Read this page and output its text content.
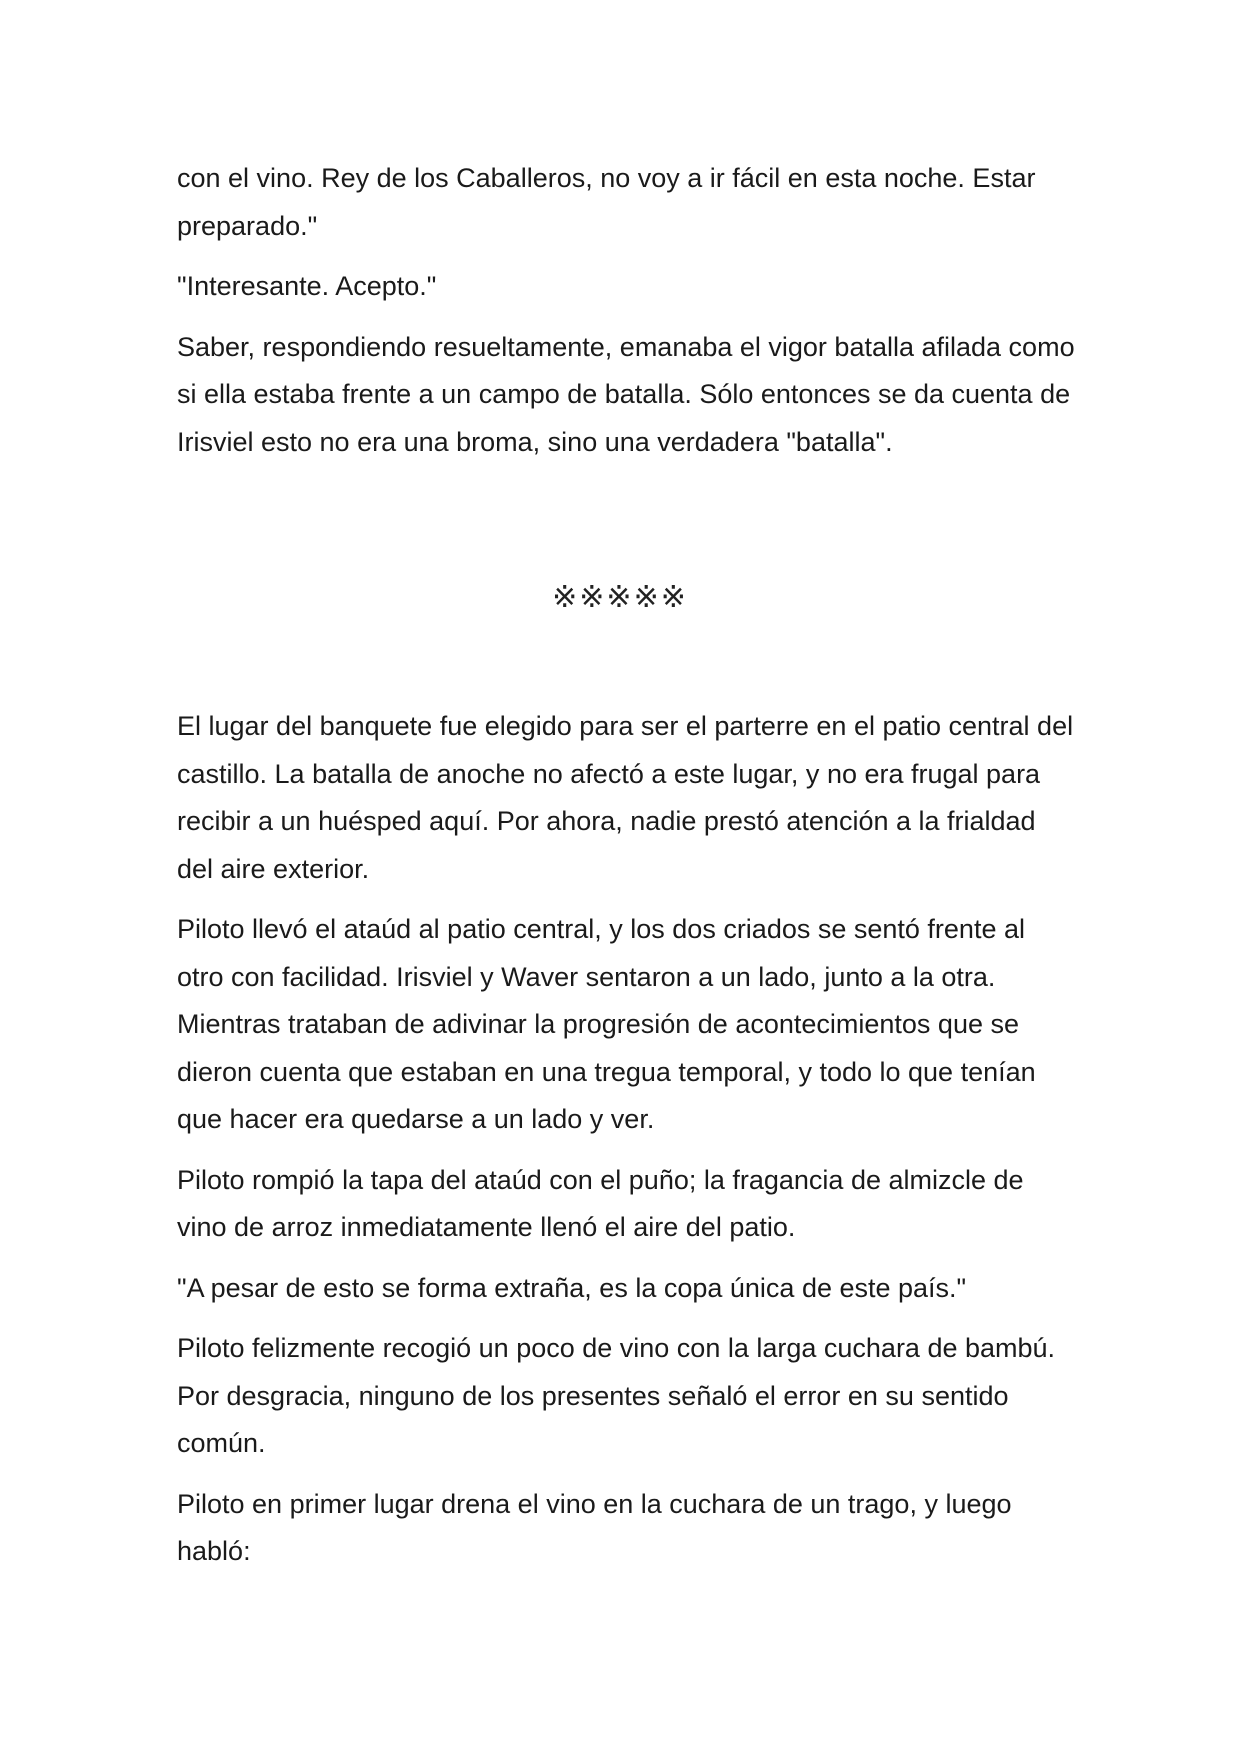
con el vino. Rey de los Caballeros, no voy a ir fácil en esta noche. Estar preparado."

"Interesante. Acepto."

Saber, respondiendo resueltamente, emanaba el vigor batalla afilada como si ella estaba frente a un campo de batalla. Sólo entonces se da cuenta de Irisviel esto no era una broma, sino una verdadera "batalla".

※※※※※

El lugar del banquete fue elegido para ser el parterre en el patio central del castillo. La batalla de anoche no afectó a este lugar, y no era frugal para recibir a un huésped aquí. Por ahora, nadie prestó atención a la frialdad del aire exterior.

Piloto llevó el ataúd al patio central, y los dos criados se sentó frente al otro con facilidad. Irisviel y Waver sentaron a un lado, junto a la otra. Mientras trataban de adivinar la progresión de acontecimientos que se dieron cuenta que estaban en una tregua temporal, y todo lo que tenían que hacer era quedarse a un lado y ver.

Piloto rompió la tapa del ataúd con el puño; la fragancia de almizcle de vino de arroz inmediatamente llenó el aire del patio.

"A pesar de esto se forma extraña, es la copa única de este país."

Piloto felizmente recogió un poco de vino con la larga cuchara de bambú. Por desgracia, ninguno de los presentes señaló el error en su sentido común.

Piloto en primer lugar drena el vino en la cuchara de un trago, y luego habló:
